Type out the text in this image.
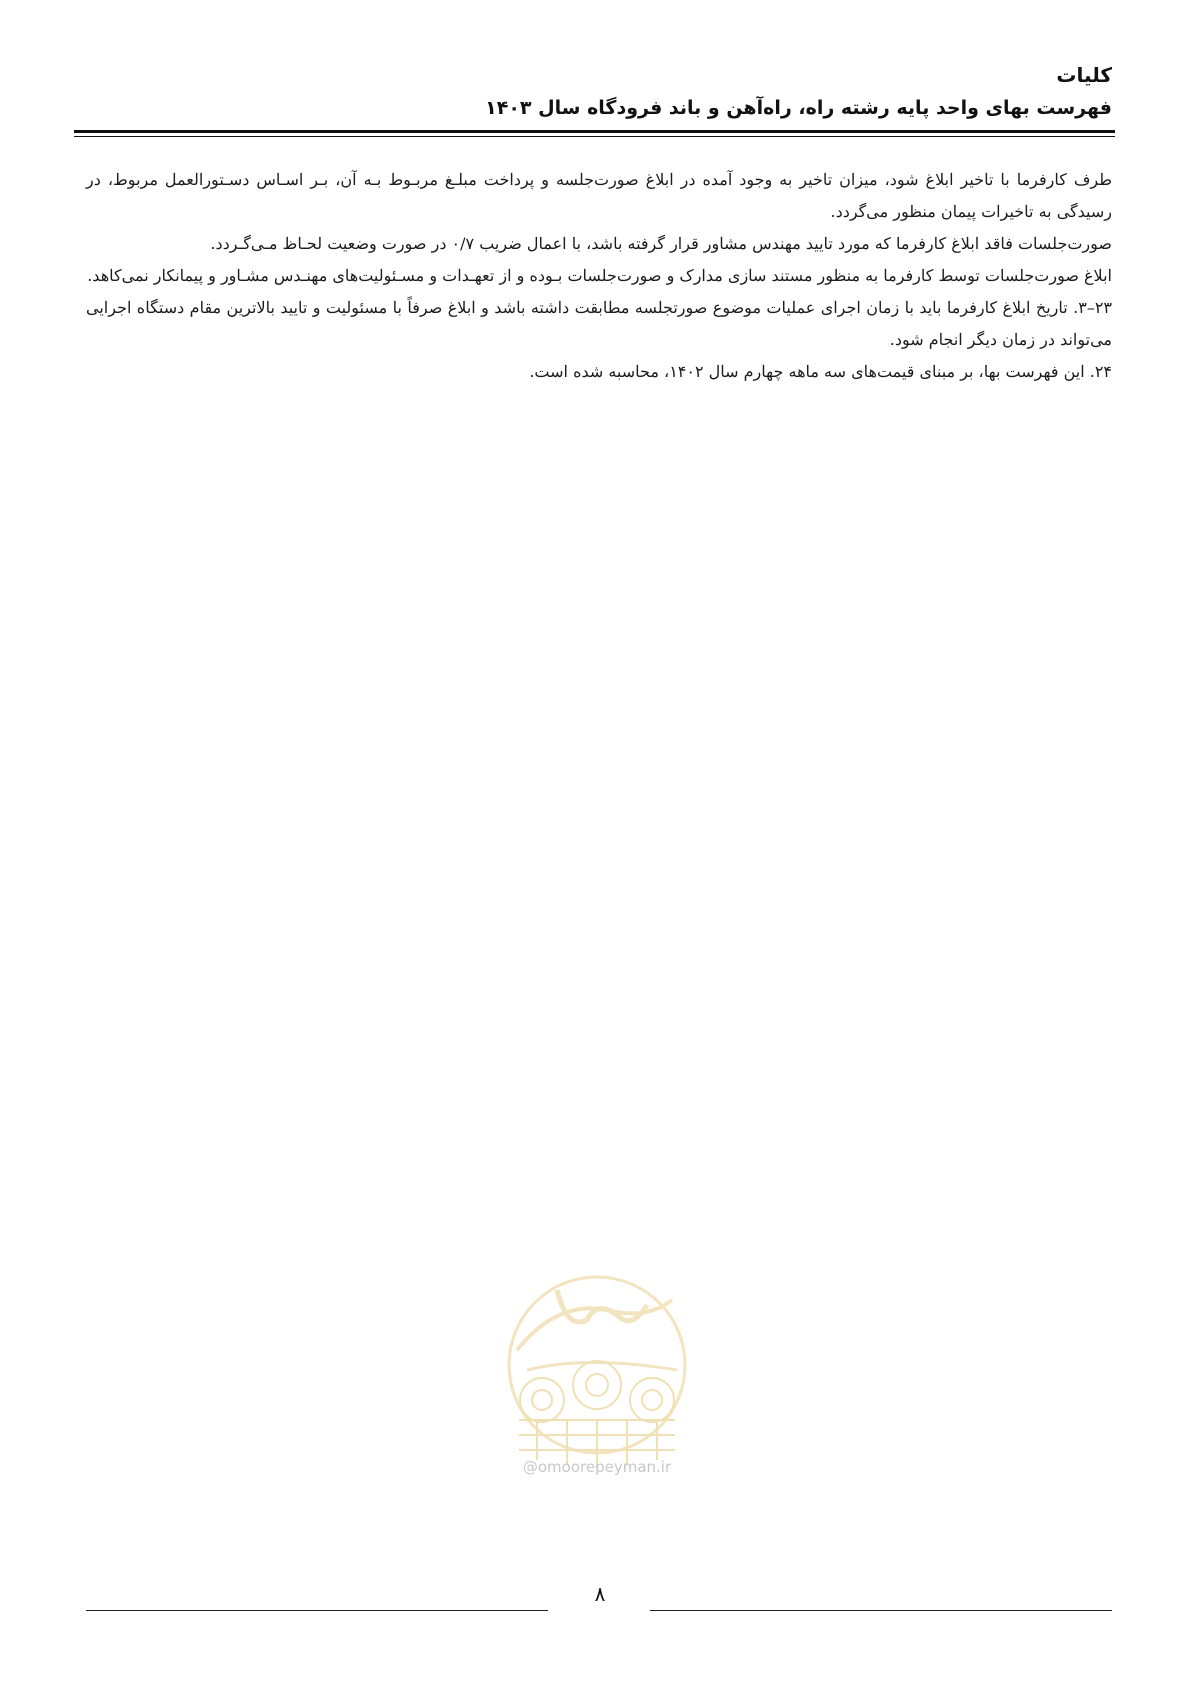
کلیات
فهرست بهای واحد پایه رشته راه، راه‌آهن و باند فرودگاه سال ۱۴۰۳

طرف کارفرما با تاخیر ابلاغ شود، میزان تاخیر به وجود آمده در ابلاغ صورت‌جلسه و پرداخت مبلـغ مربـوط بـه آن، بـر اسـاس دسـتورالعمل مربوط، در رسیدگی به تاخیرات پیمان منظور می‌گردد.

صورت‌جلسات فاقد ابلاغ کارفرما که مورد تایید مهندس مشاور قرار گرفته باشد، با اعمال ضریب ۰/۷ در صورت وضعیت لحـاظ مـی‌گـردد.

ابلاغ صورت‌جلسات توسط کارفرما به منظور مستند سازی مدارک و صورت‌جلسات بـوده و از تعهـدات و مسـئولیت‌های مهنـدس مشـاور و پیمانکار نمی‌کاهد.

۲۳–۳. تاریخ ابلاغ کارفرما باید با زمان اجرای عملیات موضوع صورتجلسه مطابقت داشته باشد و ابلاغ صرفاً با مسئولیت و تایید بالاترین مقام دستگاه اجرایی می‌تواند در زمان دیگر انجام شود.

۲۴. این فهرست بها، بر مبنای قیمت‌های سه ماهه چهارم سال ۱۴۰۲، محاسبه شده است.

@omoorepeyman.ir
۸
